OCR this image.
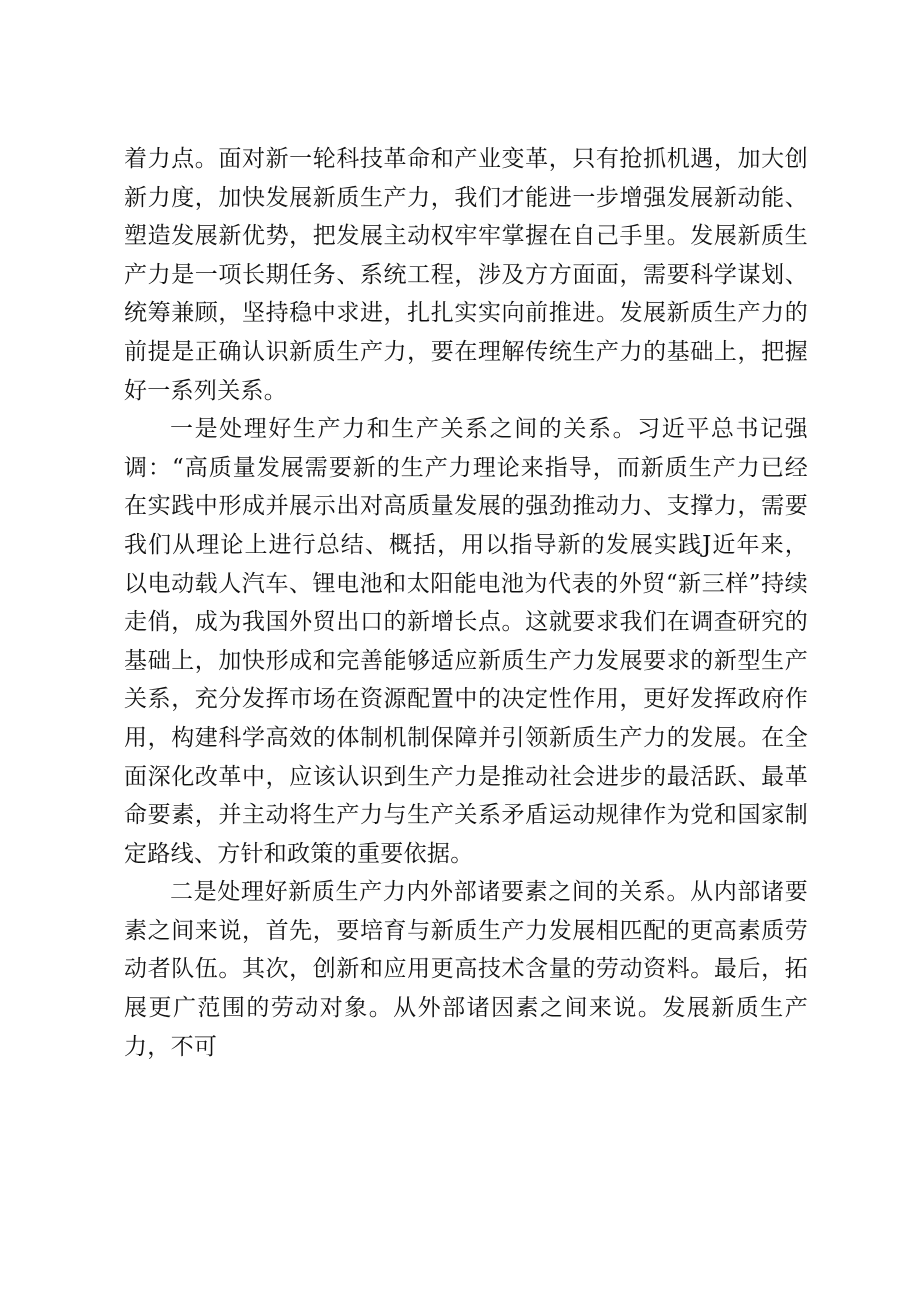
着力点。面对新一轮科技革命和产业变革，只有抢抓机遇，加大创新力度，加快发展新质生产力，我们才能进一步增强发展新动能、塑造发展新优势，把发展主动权牢牢掌握在自己手里。发展新质生产力是一项长期任务、系统工程，涉及方方面面，需要科学谋划、统筹兼顾，坚持稳中求进，扎扎实实向前推进。发展新质生产力的前提是正确认识新质生产力，要在理解传统生产力的基础上，把握好一系列关系。

一是处理好生产力和生产关系之间的关系。习近平总书记强调：“高质量发展需要新的生产力理论来指导，而新质生产力已经在实践中形成并展示出对高质量发展的强劲推动力、支撑力，需要我们从理论上进行总结、概括，用以指导新的发展实践J近年来，以电动载人汽车、锂电池和太阳能电池为代表的外贸“新三样”持续走俏，成为我国外贸出口的新增长点。这就要求我们在调查研究的基础上，加快形成和完善能够适应新质生产力发展要求的新型生产关系，充分发挥市场在资源配置中的决定性作用，更好发挥政府作用，构建科学高效的体制机制保障并引领新质生产力的发展。在全面深化改革中，应该认识到生产力是推动社会进步的最活跃、最革命要素，并主动将生产力与生产关系矛盾运动规律作为党和国家制定路线、方针和政策的重要依据。

二是处理好新质生产力内外部诸要素之间的关系。从内部诸要素之间来说，首先，要培育与新质生产力发展相匹配的更高素质劳动者队伍。其次，创新和应用更高技术含量的劳动资料。最后，拓展更广范围的劳动对象。从外部诸因素之间来说。发展新质生产力，不可
